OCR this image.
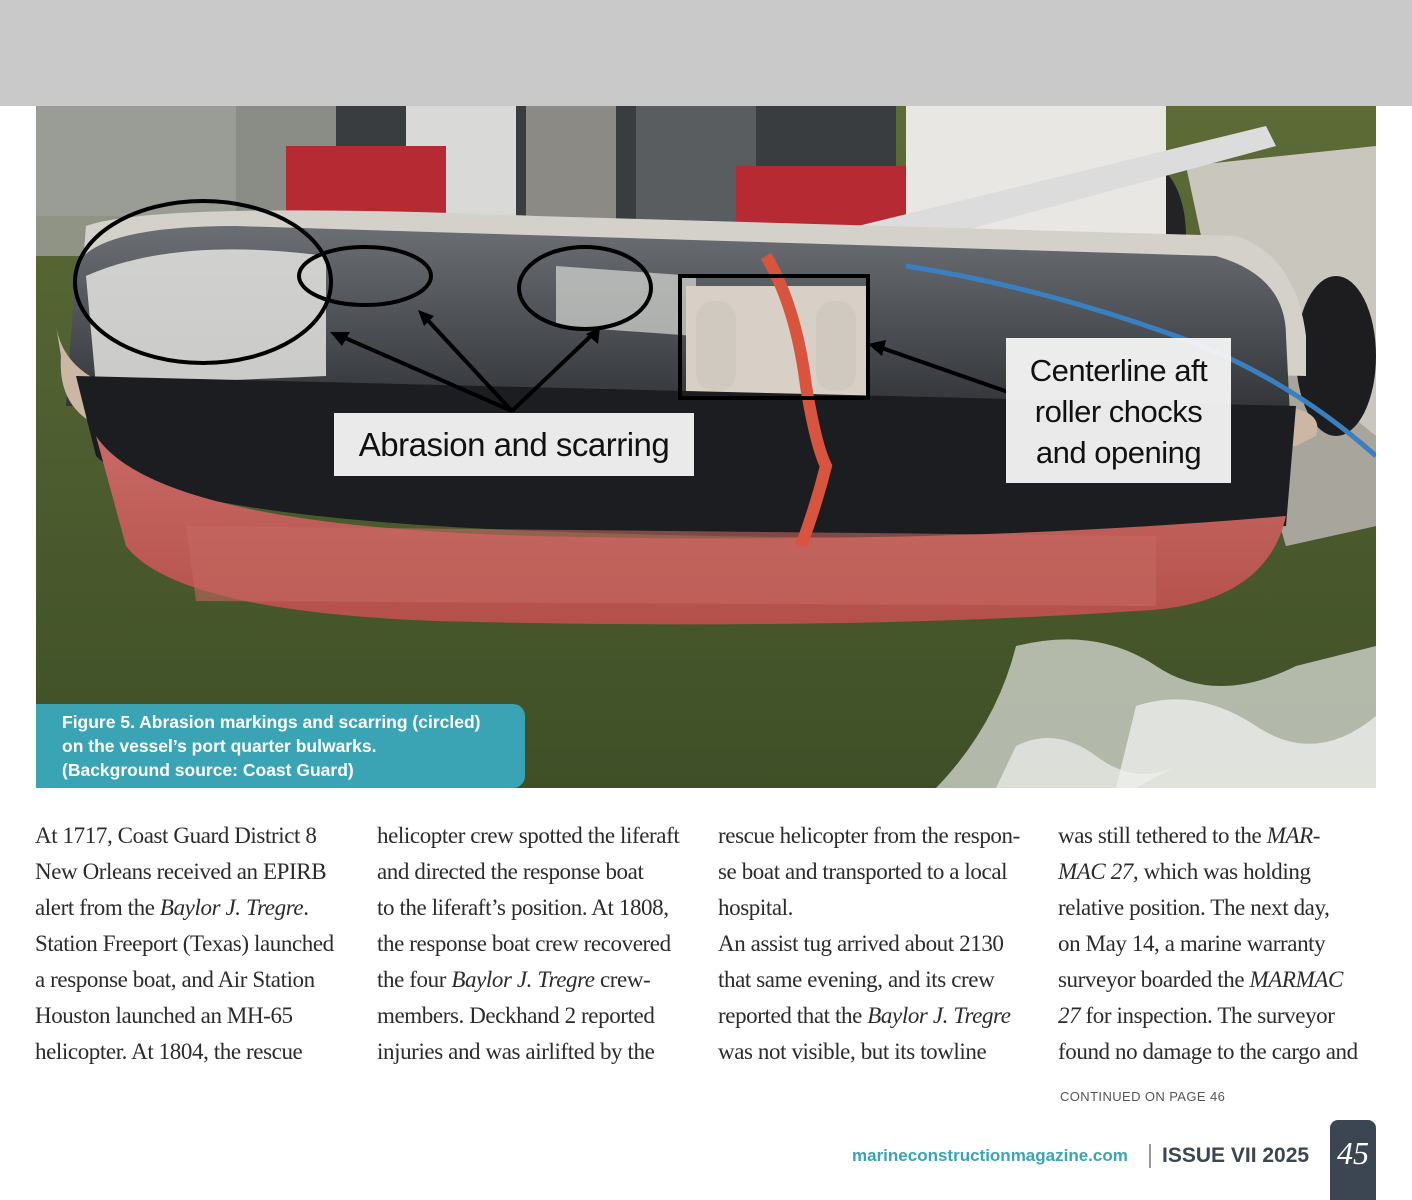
Abrasion and scarring
Centerline aft
roller chocks
and opening
Figure 5. Abrasion markings and scarring (circled)
on the vessel’s port quarter bulwarks.
(Background source: Coast Guard)
At 1717, Coast Guard District 8
New Orleans received an EPIRB
alert from the Baylor J. Tregre.
Station Freeport (Texas) launched
a response boat, and Air Station
Houston launched an MH-65
helicopter. At 1804, the rescue
helicopter crew spotted the liferaft
and directed the response boat
to the liferaft’s position. At 1808,
the response boat crew recovered
the four Baylor J. Tregre crew-
members. Deckhand 2 reported
injuries and was airlifted by the
rescue helicopter from the respon-
se boat and transported to a local
hospital.
An assist tug arrived about 2130
that same evening, and its crew
reported that the Baylor J. Tregre
was not visible, but its towline
was still tethered to the MAR-
MAC 27, which was holding
relative position. The next day,
on May 14, a marine warranty
surveyor boarded the MARMAC
27 for inspection. The surveyor
found no damage to the cargo and
CONTINUED ON PAGE 46
marineconstructionmagazine.com ISSUE VII 2025 45
